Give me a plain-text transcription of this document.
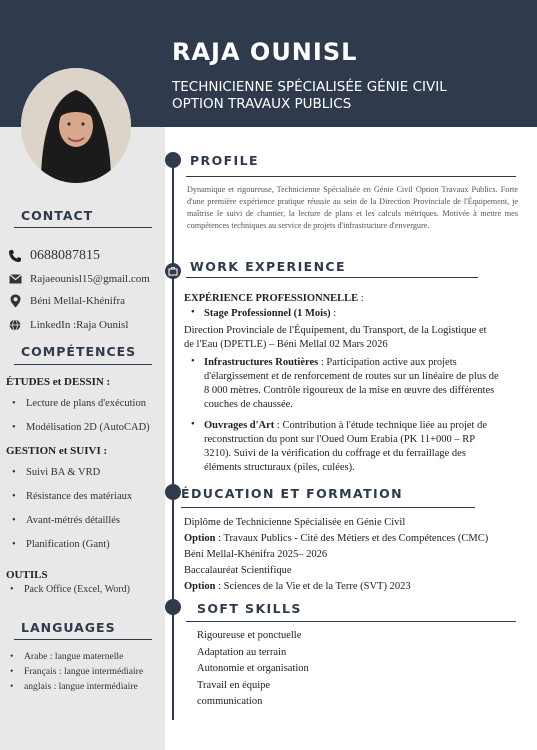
RAJA OUNISL
TECHNICIENNE SPÉCIALISÉE GÉNIE CIVIL
OPTION TRAVAUX PUBLICS
CONTACT
0688087815
Rajaeounisl15@gmail.com
Béni Mellal-Khénifra
LinkedIn :Raja Ounisl
COMPÉTENCES
ÉTUDES et DESSIN :
• Lecture de plans d'exécution
• Modélisation 2D (AutoCAD)
GESTION et SUIVI :
• Suivi BA & VRD
• Résistance des matériaux
• Avant-métrés détaillés
• Planification (Gant)
OUTILS
• Pack Office (Excel, Word)
LANGUAGES
• Arabe : langue maternelle
• Français : langue intermédiaire
• anglais : langue intermédiaire
PROFILE
Dynamique et rigoureuse, Technicienne Spécialisée en Génie Civil Option Travaux Publics. Forte d'une première expérience pratique réussie au sein de la Direction Provinciale de l'Équipement, je maîtrise le suivi de chantier, la lecture de plans et les calculs métriques. Motivée à mettre mes compétences techniques au service de projets d'infrastructure d'envergure.
WORK EXPERIENCE
EXPÉRIENCE PROFESSIONNELLE :
• Stage Professionnel (1 Mois) :
Direction Provinciale de l'Équipement, du Transport, de la Logistique et
de l'Eau (DPETLE) – Béni Mellal 02 Mars 2026
• Infrastructures Routières : Participation active aux projets
d'élargissement et de renforcement de routes sur un linéaire de plus de
8 000 mètres. Contrôle rigoureux de la mise en œuvre des différentes
couches de chaussée.
• Ouvrages d'Art : Contribution à l'étude technique liée au projet de
reconstruction du pont sur l'Oued Oum Erabia (PK 11+000 – RP
3210). Suivi de la vérification du coffrage et du ferraillage des
éléments structuraux (piles, culées).
ÉDUCATION ET FORMATION
Diplôme de Technicienne Spécialisée en Génie Civil
Option : Travaux Publics - Cité des Métiers et des Compétences (CMC)
Béni Mellal-Khénifra 2025– 2026
Baccalauréat Scientifique
Option : Sciences de la Vie et de la Terre (SVT) 2023
SOFT SKILLS
Rigoureuse et ponctuelle
Adaptation au terrain
Autonomie et organisation
Travail en équipe
communication
